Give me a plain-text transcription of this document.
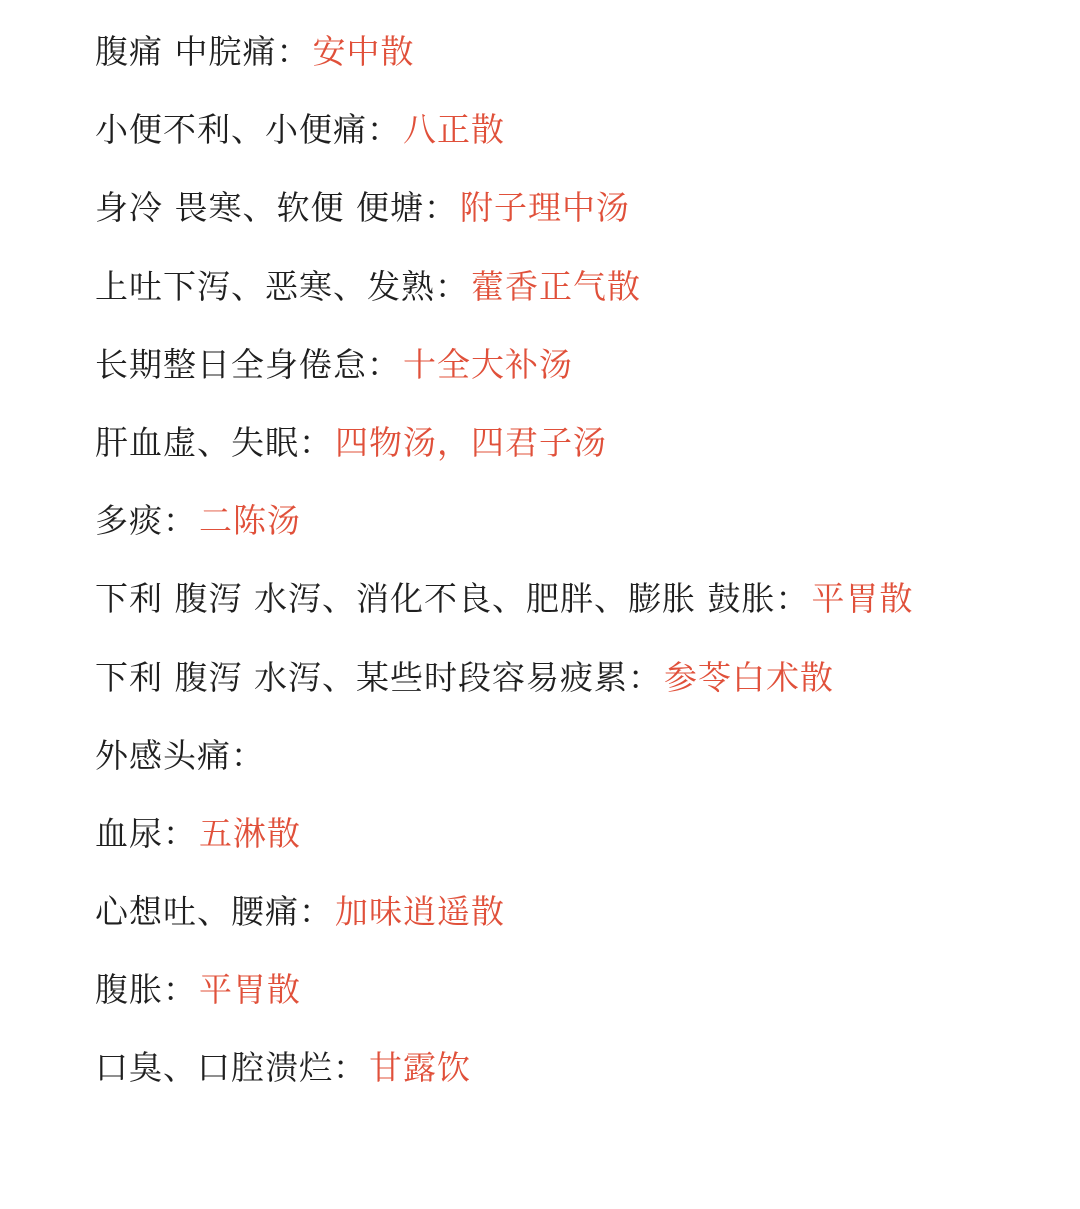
腹痛 中脘痛： 安中散
小便不利、小便痛： 八正散
身冷 畏寒、软便 便塘： 附子理中汤
上吐下泻、恶寒、发熟： 藿香正气散
长期整日全身倦怠： 十全大补汤
肝血虚、失眠： 四物汤，四君子汤
多痰： 二陈汤
下利 腹泻 水泻、消化不良、肥胖、膨胀 鼓胀： 平胃散
下利 腹泻 水泻、某些时段容易疲累： 参苓白术散
外感头痛：
血尿： 五淋散
心想吐、腰痛： 加味逍遥散
腹胀： 平胃散
口臭、口腔溃烂： 甘露饮
